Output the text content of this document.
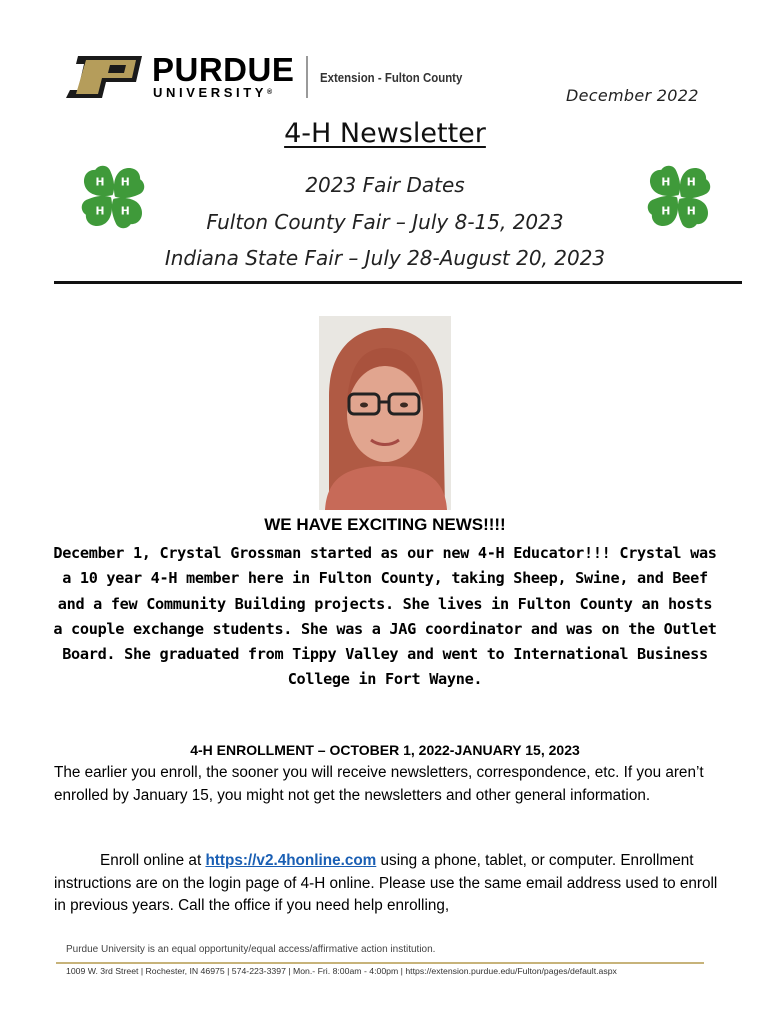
PURDUE
UNIVERSITY®
Extension - Fulton County
December 2022
4-H Newsletter
2023 Fair Dates
Fulton County Fair – July 8-15, 2023
Indiana State Fair – July 28-August 20, 2023
H H
H H
H H
H H
WE HAVE EXCITING NEWS!!!!
December 1, Crystal Grossman started as our new 4-H Educator!!! Crystal was a 10 year 4-H member here in Fulton County, taking Sheep, Swine, and Beef and a few Community Building projects. She lives in Fulton County an hosts a couple exchange students. She was a JAG coordinator and was on the Outlet Board. She graduated from Tippy Valley and went to International Business College in Fort Wayne.
4-H ENROLLMENT – OCTOBER 1, 2022-JANUARY 15, 2023
The earlier you enroll, the sooner you will receive newsletters, correspondence, etc. If you aren’t enrolled by January 15, you might not get the newsletters and other general information.
Enroll online at https://v2.4honline.com using a phone, tablet, or computer. Enrollment instructions are on the login page of 4-H online. Please use the same email address used to enroll in previous years. Call the office if you need help enrolling,
Purdue University is an equal opportunity/equal access/affirmative action institution.
1009 W. 3rd Street | Rochester, IN 46975 | 574-223-3397 | Mon.- Fri. 8:00am - 4:00pm | https://extension.purdue.edu/Fulton/pages/default.aspx
